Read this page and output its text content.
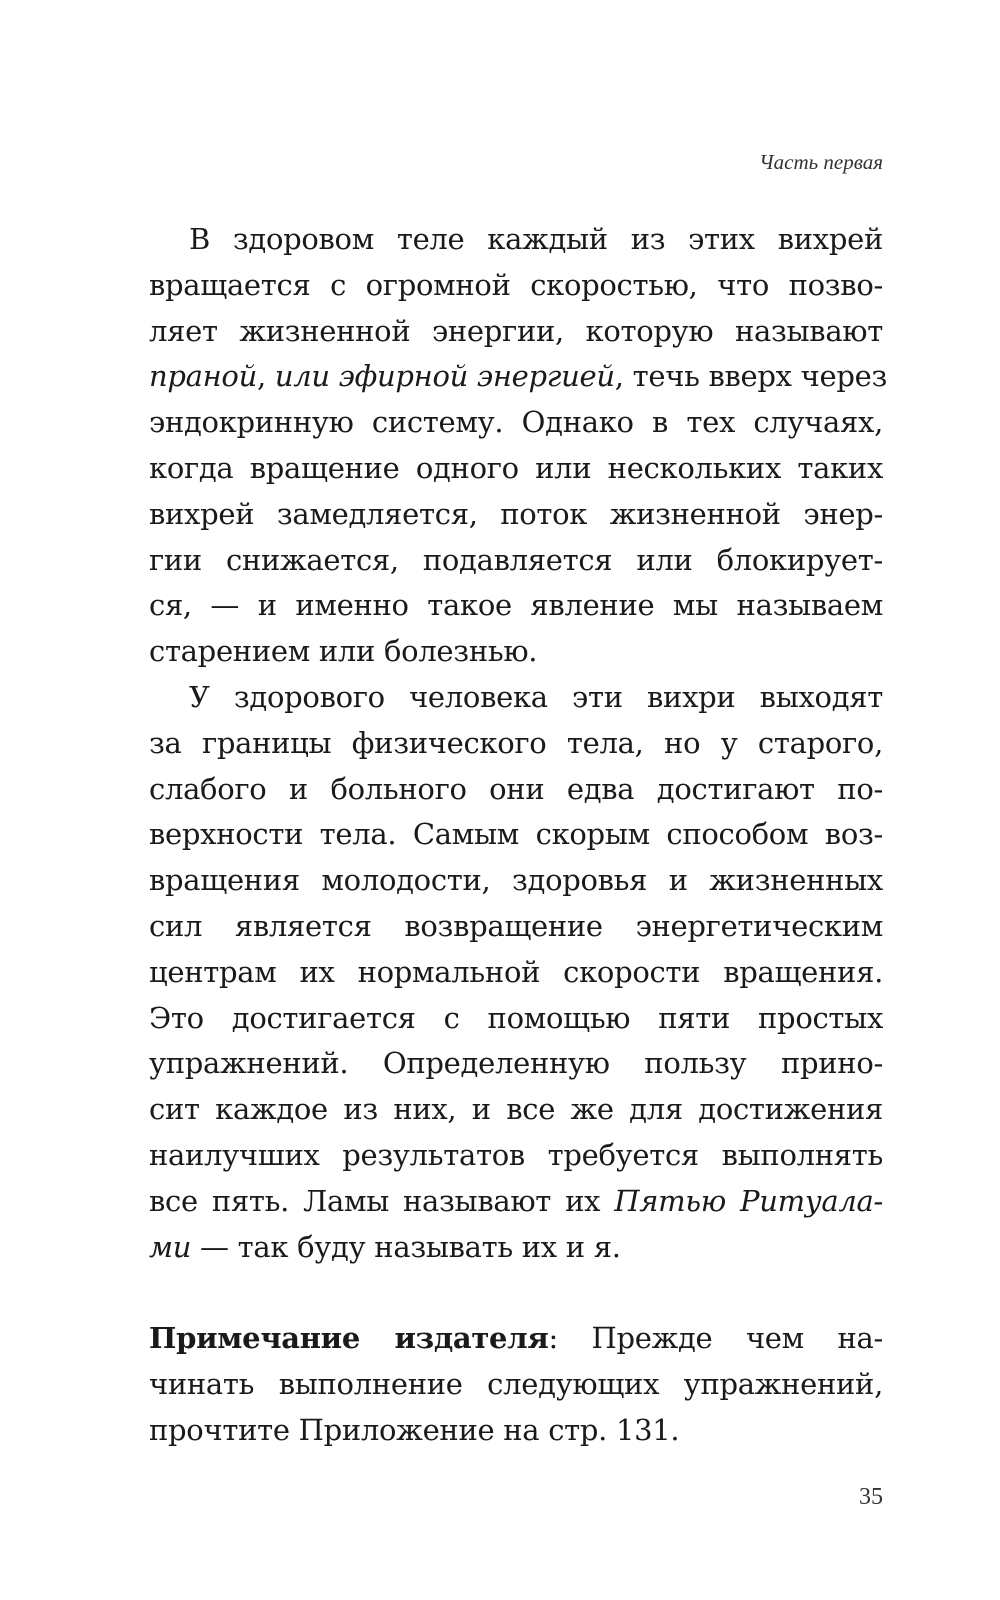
Часть первая
В здоровом теле каждый из этих вихрей
вращается с огромной скоростью, что позво-
ляет жизненной энергии, которую называют
праной, или эфирной энергией, течь вверх через
эндокринную систему. Однако в тех случаях,
когда вращение одного или нескольких таких
вихрей замедляется, поток жизненной энер-
гии снижается, подавляется или блокирует-
ся, — и именно такое явление мы называем
старением или болезнью.
У здорового человека эти вихри выходят
за границы физического тела, но у старого,
слабого и больного они едва достигают по-
верхности тела. Самым скорым способом воз-
вращения молодости, здоровья и жизненных
сил является возвращение энергетическим
центрам их нормальной скорости вращения.
Это достигается с помощью пяти простых
упражнений. Определенную пользу прино-
сит каждое из них, и все же для достижения
наилучших результатов требуется выполнять
все пять. Ламы называют их Пятью Ритуала-
ми — так буду называть их и я.
Примечание издателя: Прежде чем на-
чинать выполнение следующих упражнений,
прочтите Приложение на стр. 131.
35
